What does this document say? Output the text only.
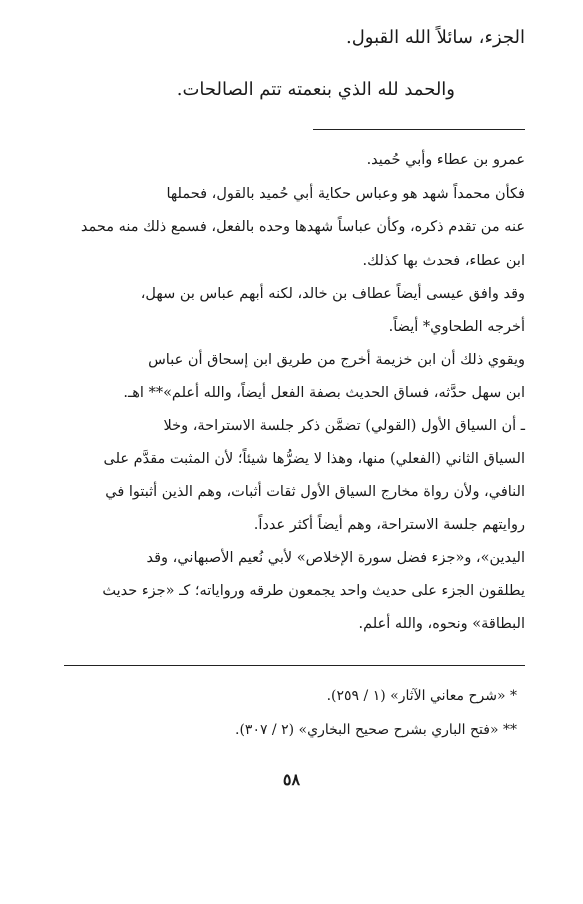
الجزء، سائلاً الله القبول.
والحمد لله الذي بنعمته تتم الصالحات.
عمرو بن عطاء وأبي حُميد.
فكأن محمداً شهد هو وعباس حكاية أبي حُميد بالقول، فحملها
عنه من تقدم ذكره، وكأن عباساً شهدها وحده بالفعل، فسمع ذلك منه محمد
ابن عطاء، فحدث بها كذلك.
وقد وافق عيسى أيضاً عطاف بن خالد، لكنه أبهم عباس بن سهل،
أخرجه الطحاوي* أيضاً.
ويقوي ذلك أن ابن خزيمة أخرج من طريق ابن إسحاق أن عباس
ابن سهل حدَّثه، فساق الحديث بصفة الفعل أيضاً، والله أعلم»** اهـ.
ـ أن السياق الأول (القولي) تضمَّن ذكر جلسة الاستراحة، وخلا
السياق الثاني (الفعلي) منها، وهذا لا يضرُّها شيئاً؛ لأن المثبت مقدَّم على
النافي، ولأن رواة مخارج السياق الأول ثقات أثبات، وهم الذين أثبتوا في
روايتهم جلسة الاستراحة، وهم أيضاً أكثر عدداً.
اليدين»، و«جزء فضل سورة الإخلاص» لأبي نُعيم الأصبهاني، وقد
يطلقون الجزء على حديث واحد يجمعون طرقه ورواياته؛ كـ «جزء حديث
البطاقة» ونحوه، والله أعلم.
* «شرح معاني الآثار» (١ / ٢٥٩).
** «فتح الباري بشرح صحيح البخاري» (٢ / ٣٠٧).
٥٨
